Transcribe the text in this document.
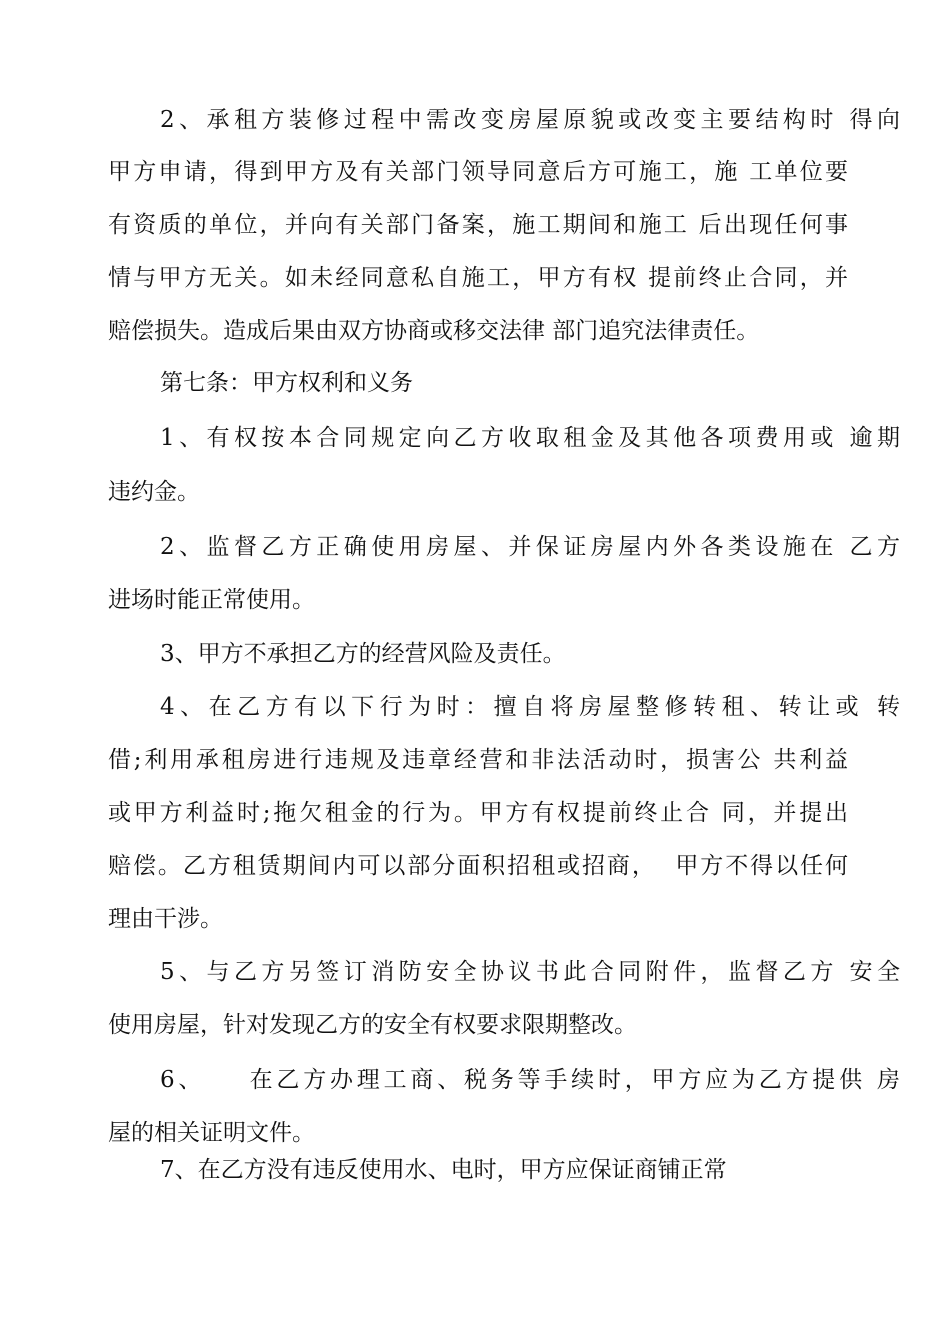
2、承租方装修过程中需改变房屋原貌或改变主要结构时 得向
甲方申请，得到甲方及有关部门领导同意后方可施工，施 工单位要
有资质的单位，并向有关部门备案，施工期间和施工 后出现任何事
情与甲方无关。如未经同意私自施工，甲方有权 提前终止合同，并
赔偿损失。造成后果由双方协商或移交法律 部门追究法律责任。
第七条：甲方权利和义务
1、有权按本合同规定向乙方收取租金及其他各项费用或 逾期
违约金。
2、监督乙方正确使用房屋、并保证房屋内外各类设施在 乙方
进场时能正常使用。
3、甲方不承担乙方的经营风险及责任。
4、在乙方有以下行为时：擅自将房屋整修转租、转让或 转
借;利用承租房进行违规及违章经营和非法活动时，损害公 共利益
或甲方利益时;拖欠租金的行为。甲方有权提前终止合 同，并提出
赔偿。乙方租赁期间内可以部分面积招租或招商，  甲方不得以任何
理由干涉。
5、与乙方另签订消防安全协议书此合同附件，监督乙方 安全
使用房屋，针对发现乙方的安全有权要求限期整改。
6、    在乙方办理工商、税务等手续时，甲方应为乙方提供 房
屋的相关证明文件。
7、在乙方没有违反使用水、电时，甲方应保证商铺正常
